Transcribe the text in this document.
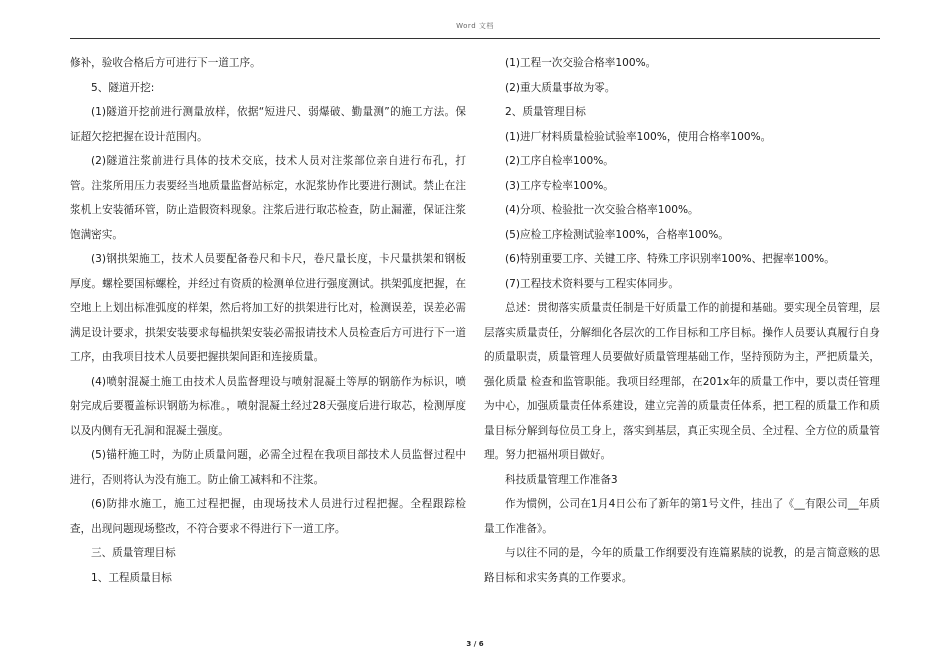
Word 文档

修补，验收合格后方可进行下一道工序。

5、隧道开挖:

(1)隧道开挖前进行测量放样，依据“短进尺、弱爆破、勤量测”的施工方法。保证超欠挖把握在设计范围内。

(2)隧道注浆前进行具体的技术交底，技术人员对注浆部位亲自进行布孔，打管。注浆所用压力表要经当地质量监督站标定，水泥浆协作比要进行测试。禁止在注浆机上安装循环管，防止造假资料现象。注浆后进行取芯检查，防止漏灌，保证注浆饱满密实。

(3)钢拱架施工，技术人员要配备卷尺和卡尺，卷尺量长度，卡尺量拱架和钢板厚度。螺栓要国标螺栓，并经过有资质的检测单位进行强度测试。拱架弧度把握，在空地上上划出标准弧度的样架，然后将加工好的拱架进行比对，检测误差，误差必需满足设计要求，拱架安装要求每榀拱架安装必需报请技术人员检查后方可进行下一道工序，由我项目技术人员要把握拱架间距和连接质量。

(4)喷射混凝土施工由技术人员监督理设与喷射混凝土等厚的钢筋作为标识，喷射完成后要覆盖标识钢筋为标准。，喷射混凝土经过28天强度后进行取芯，检测厚度以及内侧有无孔洞和混凝土强度。

(5)锚杆施工时，为防止质量问题，必需全过程在我项目部技术人员监督过程中进行，否则将认为没有施工。防止偷工减料和不注浆。

(6)防排水施工，施工过程把握，由现场技术人员进行过程把握。全程跟踪检查，出现问题现场整改，不符合要求不得进行下一道工序。

三、质量管理目标

1、工程质量目标

(1)工程一次交验合格率100%。

(2)重大质量事故为零。

2、质量管理目标

(1)进厂材料质量检验试验率100%，使用合格率100%。

(2)工序自检率100%。

(3)工序专检率100%。

(4)分项、检验批一次交验合格率100%。

(5)应检工序检测试验率100%，合格率100%。

(6)特别重要工序、关键工序、特殊工序识别率100%、把握率100%。

(7)工程技术资料要与工程实体同步。

总述：贯彻落实质量责任制是干好质量工作的前提和基础。要实现全员管理，层层落实质量责任，分解细化各层次的工作目标和工序目标。操作人员要认真履行自身的质量职责，质量管理人员要做好质量管理基础工作，坚持预防为主，严把质量关，强化质量 检查和监管职能。我项目经理部，在201x年的质量工作中，要以责任管理为中心，加强质量责任体系建设，建立完善的质量责任体系，把工程的质量工作和质量目标分解到每位员工身上，落实到基层，真正实现全员、全过程、全方位的质量管理。努力把福州项目做好。

科技质量管理工作准备3

作为惯例，公司在1月4日公布了新年的第1号文件，挂出了《__有限公司__年质量工作准备》。

与以往不同的是，今年的质量工作纲要没有连篇累牍的说教，的是言简意赅的思路目标和求实务真的工作要求。

3 / 6
